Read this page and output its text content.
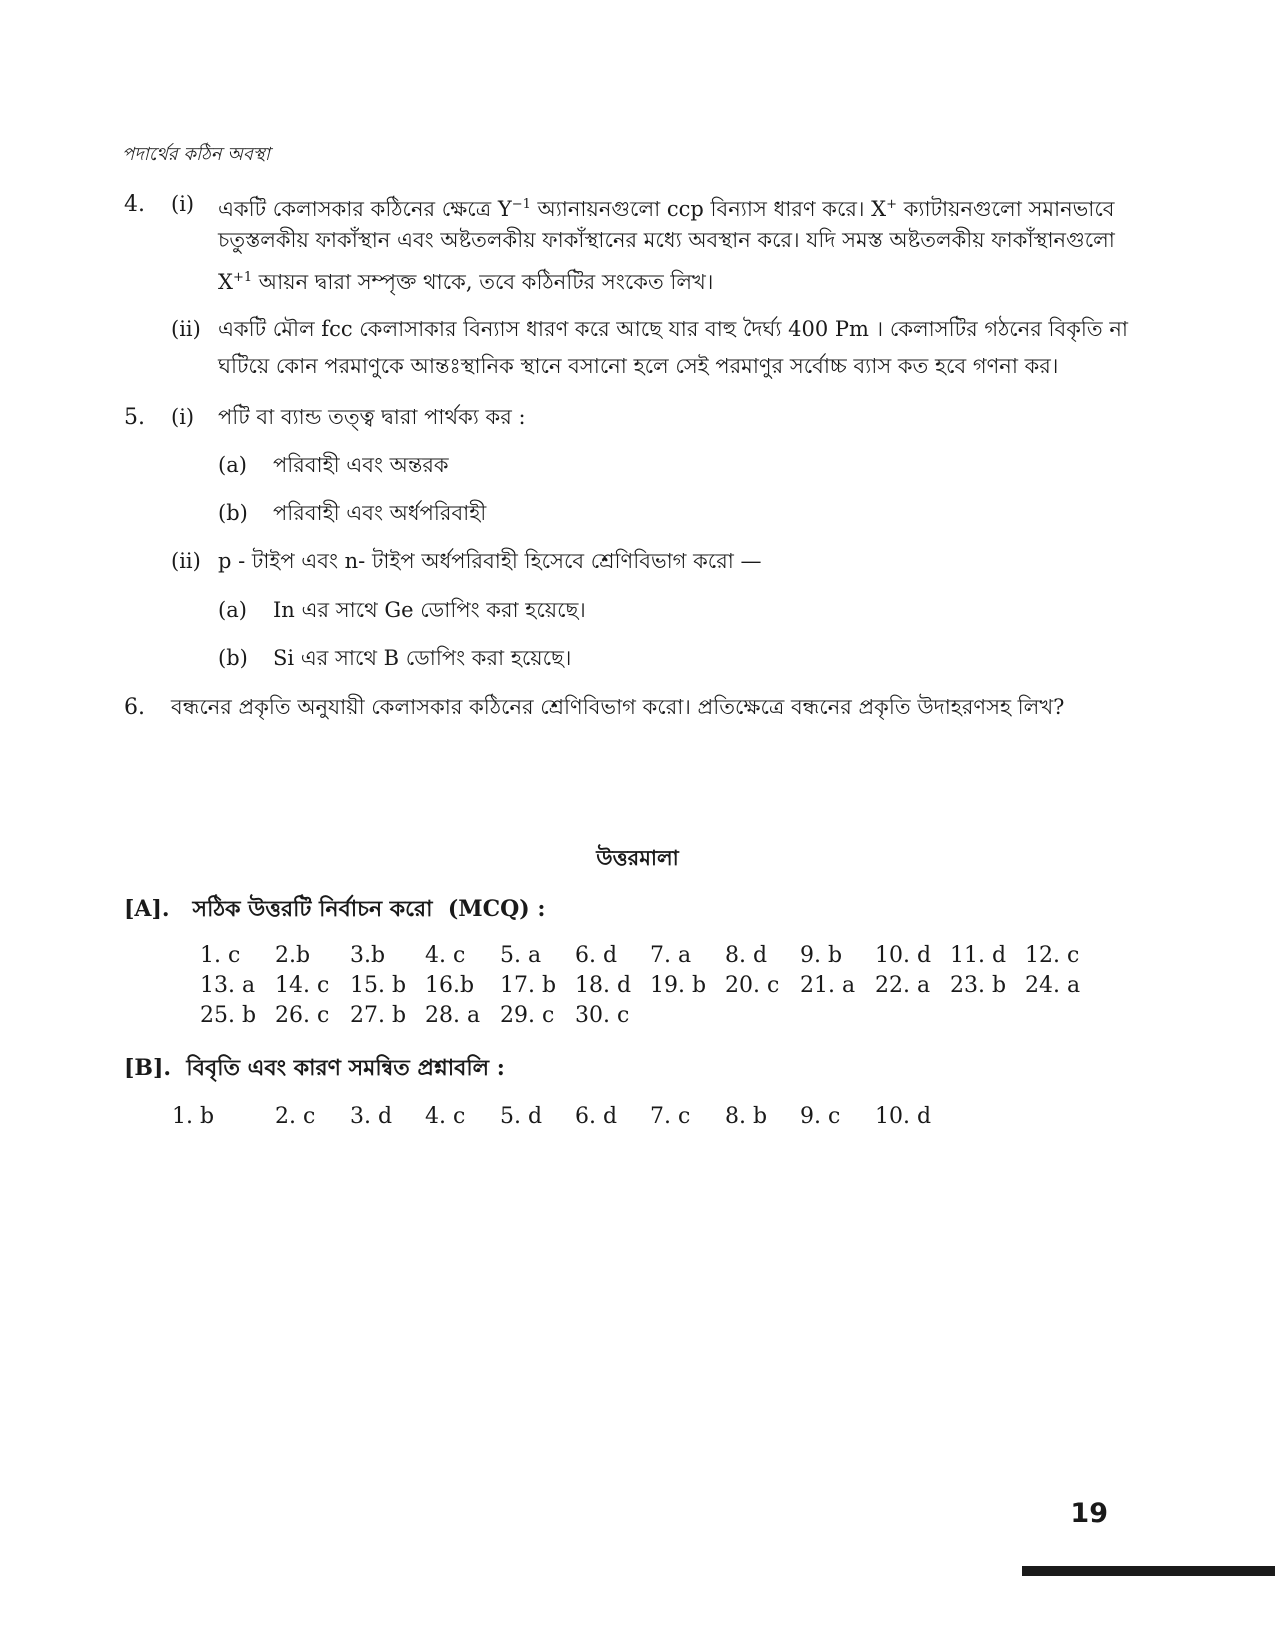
পদার্থের কঠিন অবস্থা
4. (i) একটি কেলাসকার কঠিনের ক্ষেত্রে $Y^{-1}$ অ্যানায়নগুলো ccp বিন্যাস ধারণ করে। X+ ক্যাটায়নগুলো সমানভাবে
চতুস্তলকীয় ফাকাঁস্থান এবং অষ্টতলকীয় ফাকাঁস্থানের মধ্যে অবস্থান করে। যদি সমস্ত অষ্টতলকীয় ফাকাঁস্থানগুলো
$X^{+1}$ আয়ন দ্বারা সম্পৃক্ত থাকে, তবে কঠিনটির সংকেত লিখ।
(ii) একটি মৌল fcc কেলাসাকার বিন্যাস ধারণ করে আছে যার বাহু দৈর্ঘ্য 400 Pm । কেলাসটির গঠনের বিকৃতি না
ঘটিয়ে কোন পরমাণুকে আন্তঃস্থানিক স্থানে বসানো হলে সেই পরমাণুর সর্বোচ্চ ব্যাস কত হবে গণনা কর।
5. (i) পটি বা ব্যান্ড তত্ত্ব দ্বারা পার্থক্য কর :
(a) পরিবাহী এবং অন্তরক
(b) পরিবাহী এবং অর্ধপরিবাহী
(ii) p - টাইপ এবং n- টাইপ অর্ধপরিবাহী হিসেবে শ্রেণিবিভাগ করো —
(a) In এর সাথে Ge ডোপিং করা হয়েছে।
(b) Si এর সাথে B ডোপিং করা হয়েছে।
6. বন্ধনের প্রকৃতি অনুযায়ী কেলাসকার কঠিনের শ্রেণিবিভাগ করো। প্রতিক্ষেত্রে বন্ধনের প্রকৃতি উদাহরণসহ লিখ?
উত্তরমালা
[A]. সঠিক উত্তরটি নির্বাচন করো (MCQ) :
1. c	2.b	3.b	4. c	5. a	6. d	7. a	8. d	9. b	10. d 11. d 12. c
13. a 14. c 15. b 16.b	17. b 18. d 19. b 20. c 21. a 22. a 23. b 24. a
25. b 26. c 27. b 28. a 29. c 30. c
[B]. বিবৃতি এবং কারণ সমন্বিত প্রশ্নাবলি :
1. b	2. c	3. d	4. c	5. d	6. d	7. c	8. b	9. c	10. d
19
